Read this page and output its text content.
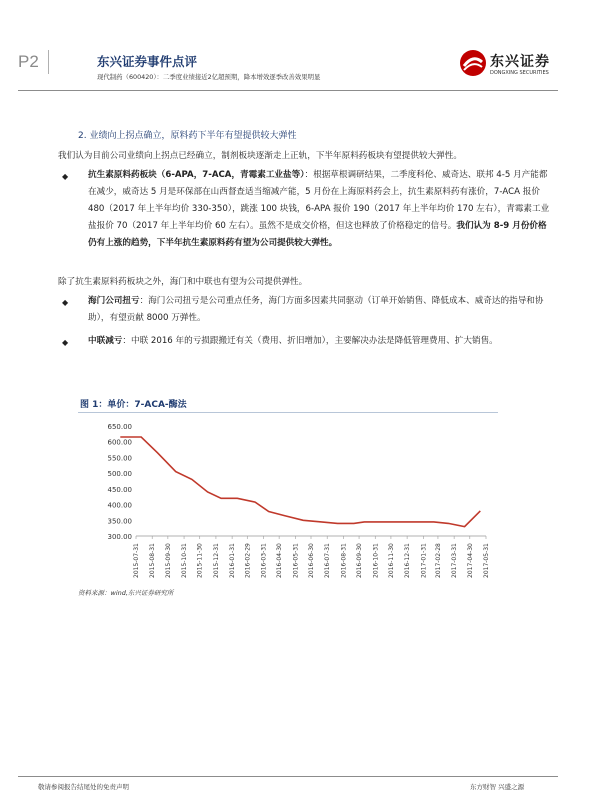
P2	东兴证券事件点评
现代制药（600420）：二季度业绩接近2亿超预期，降本增效逐季改善效果明显
东兴证券
DONGXING SECURITIES
2. 业绩向上拐点确立，原料药下半年有望提供较大弹性
我们认为目前公司业绩向上拐点已经确立，制剂板块逐渐走上正轨，下半年原料药板块有望提供较大弹性。
◆ 抗生素原料药板块（6-APA，7-ACA，青霉素工业盐等）：根据草根调研结果，二季度科伦、威奇达、联邦 4-5 月产能都在减少，威奇达 5 月是环保部在山西督查适当缩减产能，5 月份在上海原料药会上，抗生素原料药有涨价，7-ACA 报价 480（2017 年上半年均价 330-350），跳涨 100 块钱，6-APA 报价 190（2017 年上半年均价 170 左右），青霉素工业盐报价 70（2017 年上半年均价 60 左右）。虽然不是成交价格，但这也释放了价格稳定的信号。我们认为 8-9 月份价格仍有上涨的趋势，下半年抗生素原料药有望为公司提供较大弹性。
除了抗生素原料药板块之外，海门和中联也有望为公司提供弹性。
◆ 海门公司扭亏：海门公司扭亏是公司重点任务，海门方面多因素共同驱动（订单开始销售、降低成本、威奇达的指导和协助），有望贡献 8000 万弹性。
◆ 中联减亏：中联 2016 年的亏损跟搬迁有关（费用、折旧增加），主要解决办法是降低管理费用、扩大销售。
图 1：单价：7-ACA-酶法
650.00
600.00
550.00
500.00
450.00
400.00
350.00
300.00
2015-07-31 2015-08-31 2015-09-30 2015-10-31 2015-11-30 2015-12-31 2016-01-31 2016-02-29 2016-03-31 2016-04-30 2016-05-31 2016-06-30 2016-07-31 2016-08-31 2016-09-30 2016-10-31 2016-11-30 2016-12-31 2017-01-31 2017-02-28 2017-03-31 2017-04-30 2017-05-31
资料来源：wind,东兴证券研究所
敬请参阅报告结尾处的免责声明	东方财智 兴盛之源
